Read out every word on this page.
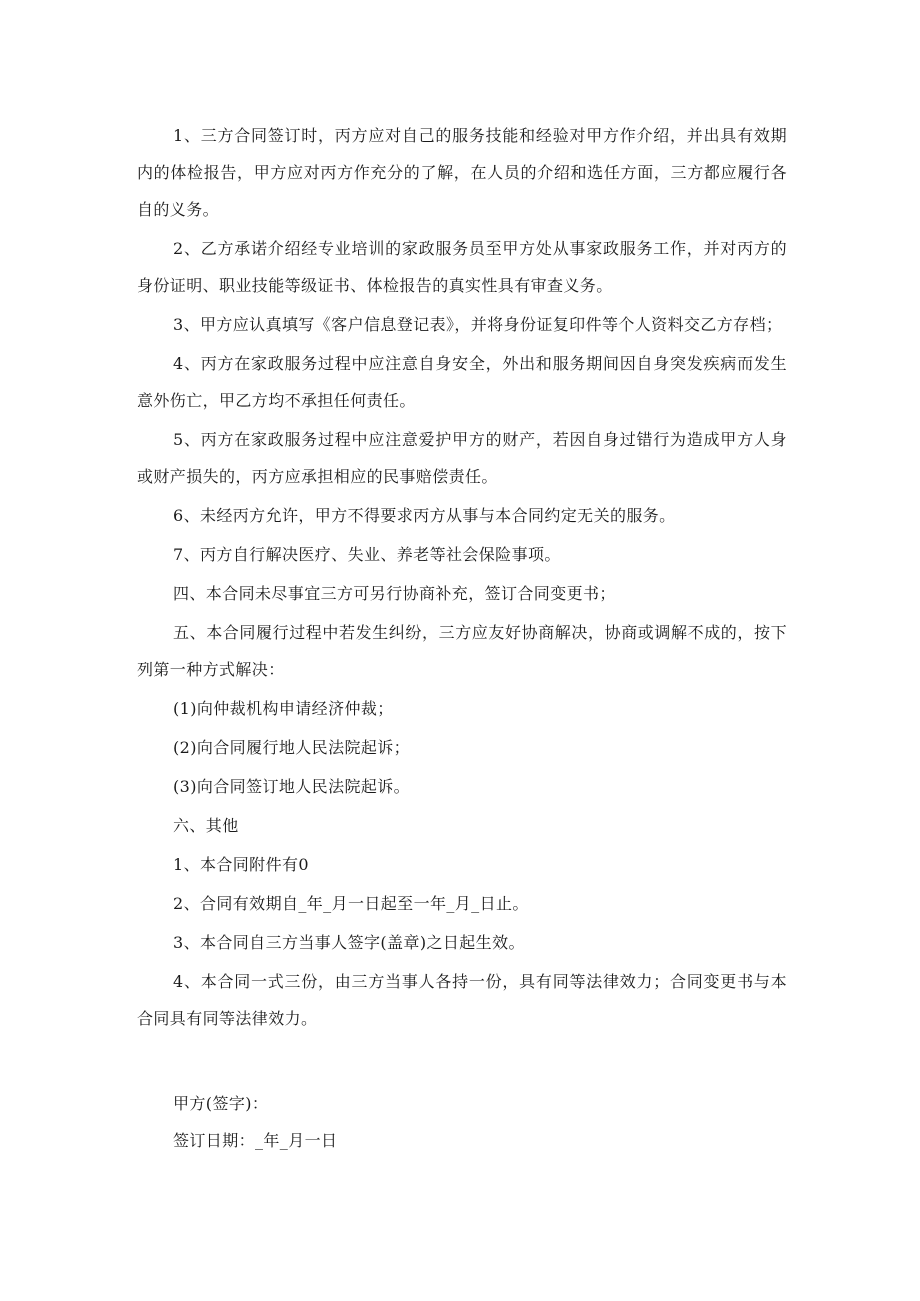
1、三方合同签订时，丙方应对自己的服务技能和经验对甲方作介绍，并出具有效期内的体检报告，甲方应对丙方作充分的了解，在人员的介绍和选任方面，三方都应履行各自的义务。

2、乙方承诺介绍经专业培训的家政服务员至甲方处从事家政服务工作，并对丙方的身份证明、职业技能等级证书、体检报告的真实性具有审查义务。

3、甲方应认真填写《客户信息登记表》，并将身份证复印件等个人资料交乙方存档；

4、丙方在家政服务过程中应注意自身安全，外出和服务期间因自身突发疾病而发生意外伤亡，甲乙方均不承担任何责任。

5、丙方在家政服务过程中应注意爱护甲方的财产，若因自身过错行为造成甲方人身或财产损失的，丙方应承担相应的民事赔偿责任。

6、未经丙方允许，甲方不得要求丙方从事与本合同约定无关的服务。

7、丙方自行解决医疗、失业、养老等社会保险事项。

四、本合同未尽事宜三方可另行协商补充，签订合同变更书；

五、本合同履行过程中若发生纠纷，三方应友好协商解决，协商或调解不成的，按下列第一种方式解决：

(1)向仲裁机构申请经济仲裁；

(2)向合同履行地人民法院起诉；

(3)向合同签订地人民法院起诉。

六、其他

1、本合同附件有0

2、合同有效期自_年_月一日起至一年_月_日止。

3、本合同自三方当事人签字(盖章)之日起生效。

4、本合同一式三份，由三方当事人各持一份，具有同等法律效力；合同变更书与本合同具有同等法律效力。

甲方(签字)：
签订日期：_年_月一日
